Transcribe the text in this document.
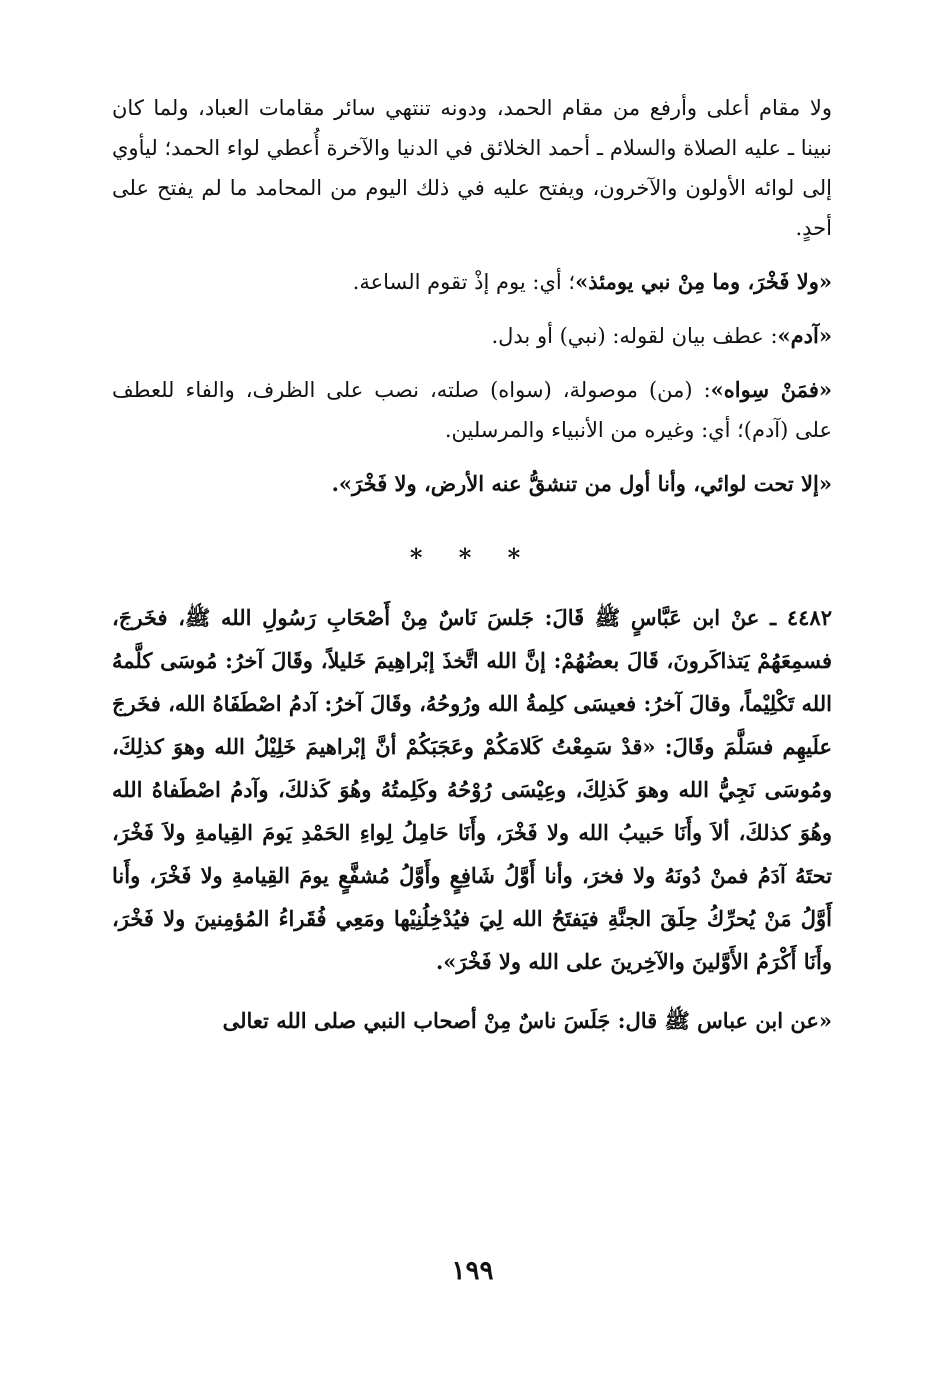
ولا مقام أعلى وأرفع من مقام الحمد، ودونه تنتهي سائر مقامات العباد، ولما كان نبينا ـ عليه الصلاة والسلام ـ أحمد الخلائق في الدنيا والآخرة أُعطي لواء الحمد؛ ليأوي إلى لوائه الأولون والآخرون، ويفتح عليه في ذلك اليوم من المحامد ما لم يفتح على أحدٍ.

«ولا فَخْرَ، وما مِنْ نبي يومئذ»؛ أي: يوم إذْ تقوم الساعة.

«آدم»: عطف بيان لقوله: (نبي) أو بدل.

«فمَنْ سِواه»: (من) موصولة، (سواه) صلته، نصب على الظرف، والفاء للعطف على (آدم)؛ أي: وغيره من الأنبياء والمرسلين.

«إلا تحت لوائي، وأنا أول من تنشقُّ عنه الأرض، ولا فَخْرَ».

* * *

٤٤٨٢ ـ عنْ ابن عَبَّاسٍ ﷺ قَالَ: جَلسَ نَاسٌ مِنْ أَصْحَابِ رَسُولِ الله ﷺ، فخَرجَ، فسمِعَهُمْ يَتذاكَرونَ، قَالَ بعضُهُمْ: إنَّ الله اتَّخذَ إبْراهِيمَ خَليلاً، وقَالَ آخرُ: مُوسَى كلَّمهُ الله تَكْلِيْماً، وقالَ آخرُ: فعيسَى كلِمةُ الله ورُوحُهُ، وقَالَ آخرُ: آدمُ اصْطَفَاهُ الله، فخَرجَ علَيهِم فسَلَّمَ وقَالَ: «قدْ سَمِعْتُ كَلامَكُمْ وعَجَبَكُمْ أنَّ إبْراهيمَ خَلِيْلُ الله وهوَ كذلِكَ، ومُوسَى نَجِيُّ الله وهوَ كَذلِكَ، وعِيْسَى رُوْحُهُ وكَلِمتُهُ وهُوَ كَذلكَ، وآدمُ اصْطَفاهُ الله وهُوَ كذلكَ، ألاَ وأَنَا حَبيبُ الله ولا فَخْرَ، وأَنَا حَامِلُ لِواءِ الحَمْدِ يَومَ القِيامةِ ولاَ فَخْرَ، تحتَهُ آدَمُ فمنْ دُونَهُ ولا فخرَ، وأنا أَوَّلُ شَافِعٍ وأَوَّلُ مُشفَّعٍ يومَ القِيامةِ ولا فَخْرَ، وأَنا أَوَّلُ مَنْ يُحرِّكُ حِلَقَ الجنَّةِ فيَفتَحُ الله لِيَ فيُدْخِلُنِيْها ومَعِي فُقَراءُ المُؤمِنينَ ولا فَخْرَ، وأَنَا أَكْرَمُ الأَوَّلينَ والآخِرينَ على الله ولا فَخْرَ».

«عن ابن عباس ﷺ قال: جَلَسَ ناسٌ مِنْ أصحاب النبي صلى الله تعالى
١٩٩
